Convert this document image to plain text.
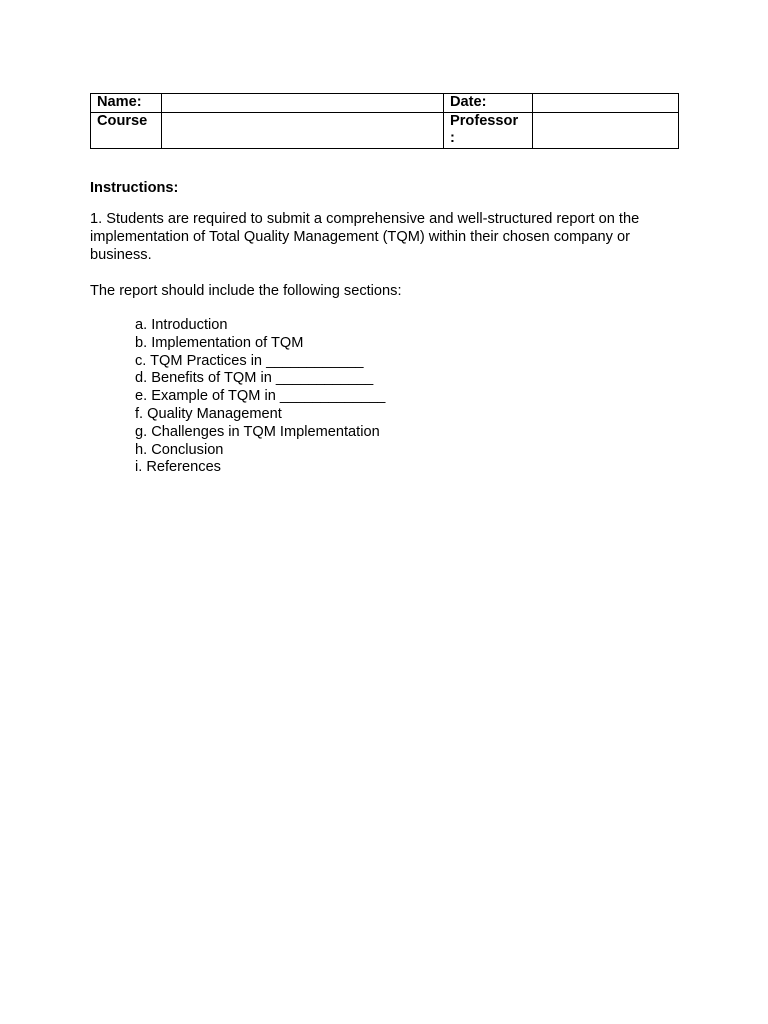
Name:		Date:	
Course		Professor
:	

Instructions:

1. Students are required to submit a comprehensive and well-structured report on the implementation of Total Quality Management (TQM) within their chosen company or business.

The report should include the following sections:

a. Introduction
b. Implementation of TQM
c. TQM Practices in ____________
d. Benefits of TQM in ____________
e. Example of TQM in _____________
f. Quality Management
g. Challenges in TQM Implementation
h. Conclusion
i. References
